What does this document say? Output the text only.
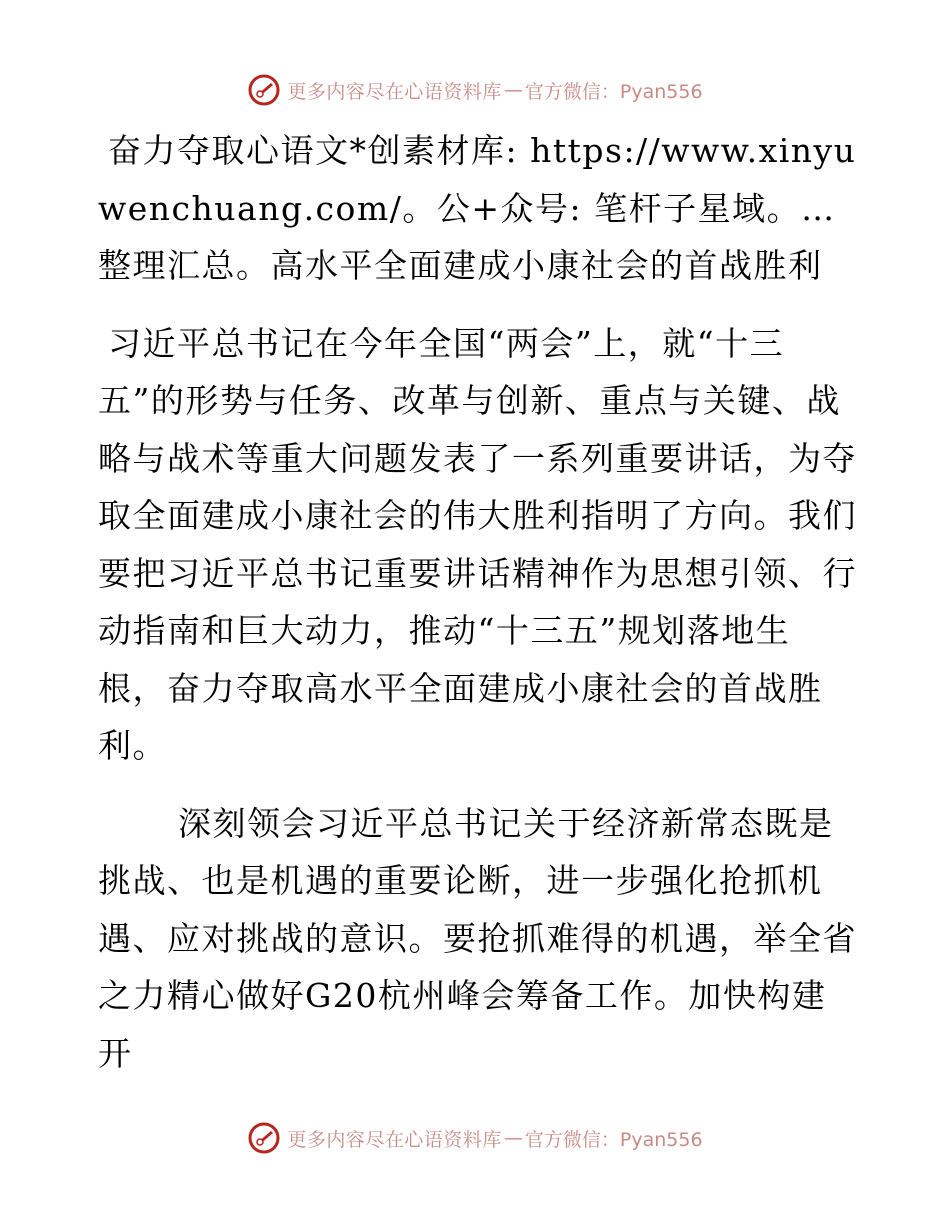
更多内容尽在心语资料库 — 官方微信：Pyan556

奋力夺取心语文*创素材库: https://www.xinyuwenchuang.com/。公+众号: 笔杆子星域。…整理汇总。高水平全面建成小康社会的首战胜利

习近平总书记在今年全国“两会”上，就“十三五”的形势与任务、改革与创新、重点与关键、战略与战术等重大问题发表了一系列重要讲话，为夺取全面建成小康社会的伟大胜利指明了方向。我们要把习近平总书记重要讲话精神作为思想引领、行动指南和巨大动力，推动“十三五”规划落地生根，奋力夺取高水平全面建成小康社会的首战胜利。

深刻领会习近平总书记关于经济新常态既是挑战、也是机遇的重要论断，进一步强化抢抓机遇、应对挑战的意识。要抢抓难得的机遇，举全省之力精心做好G20杭州峰会筹备工作。加快构建开

更多内容尽在心语资料库 — 官方微信：Pyan556
